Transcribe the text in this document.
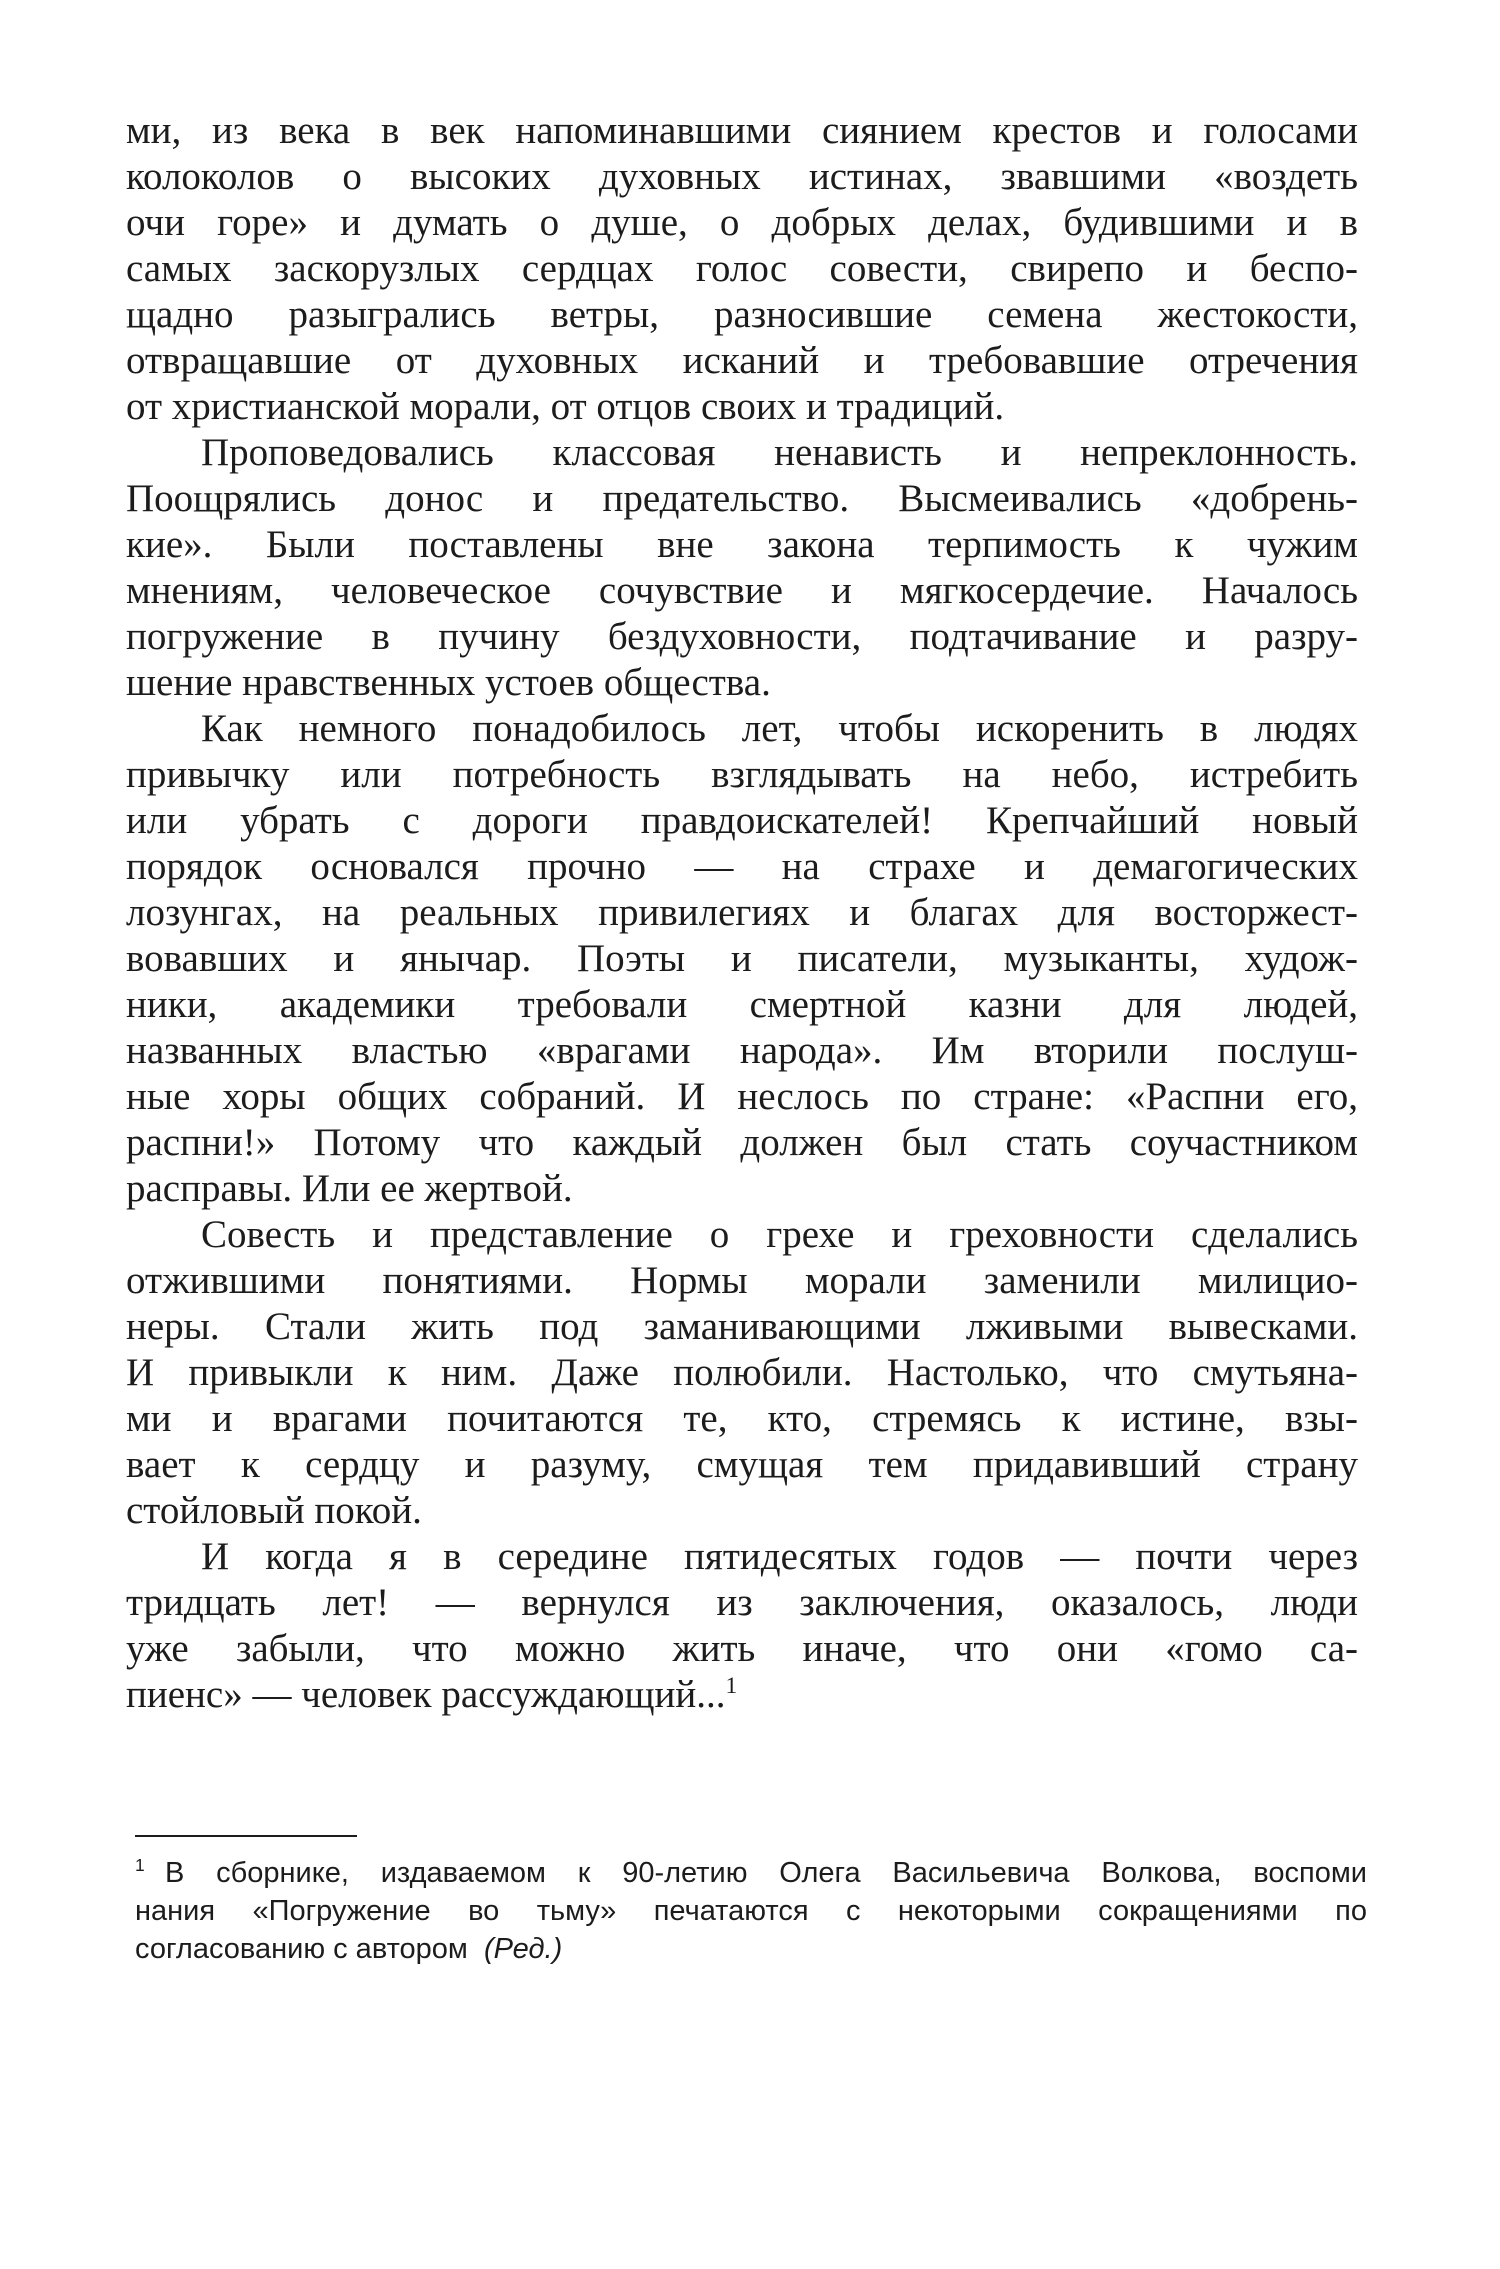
ми, из века в век напоминавшими сиянием крестов и голосами
колоколов о высоких духовных истинах, звавшими «воздеть
очи горе» и думать о душе, о добрых делах, будившими и в
самых заскорузлых сердцах голос совести, свирепо и беспо-
щадно разыгрались ветры, разносившие семена жестокости,
отвращавшие от духовных исканий и требовавшие отречения
от христианской морали, от отцов своих и традиций.
Проповедовались классовая ненависть и непреклонность.
Поощрялись донос и предательство. Высмеивались «добрень-
кие». Были поставлены вне закона терпимость к чужим
мнениям, человеческое сочувствие и мягкосердечие. Началось
погружение в пучину бездуховности, подтачивание и разру-
шение нравственных устоев общества.
Как немного понадобилось лет, чтобы искоренить в людях
привычку или потребность взглядывать на небо, истребить
или убрать с дороги правдоискателей! Крепчайший новый
порядок основался прочно — на страхе и демагогических
лозунгах, на реальных привилегиях и благах для восторжест-
вовавших и янычар. Поэты и писатели, музыканты, худож-
ники, академики требовали смертной казни для людей,
названных властью «врагами народа». Им вторили послуш-
ные хоры общих собраний. И неслось по стране: «Распни его,
распни!» Потому что каждый должен был стать соучастником
расправы. Или ее жертвой.
Совесть и представление о грехе и греховности сделались
отжившими понятиями. Нормы морали заменили милицио-
неры. Стали жить под заманивающими лживыми вывесками.
И привыкли к ним. Даже полюбили. Настолько, что смутьяна-
ми и врагами почитаются те, кто, стремясь к истине, взы-
вает к сердцу и разуму, смущая тем придавивший страну
стойловый покой.
И когда я в середине пятидесятых годов — почти через
тридцать лет! — вернулся из заключения, оказалось, люди
уже забыли, что можно жить иначе, что они «гомо са-
пиенс» — человек рассуждающий...$^1$
$^1$ В сборнике, издаваемом к 90-летию Олега Васильевича Волкова, воспоми
нания «Погружение во тьму» печатаются с некоторыми сокращениями по
согласованию с автором (Ред.)
